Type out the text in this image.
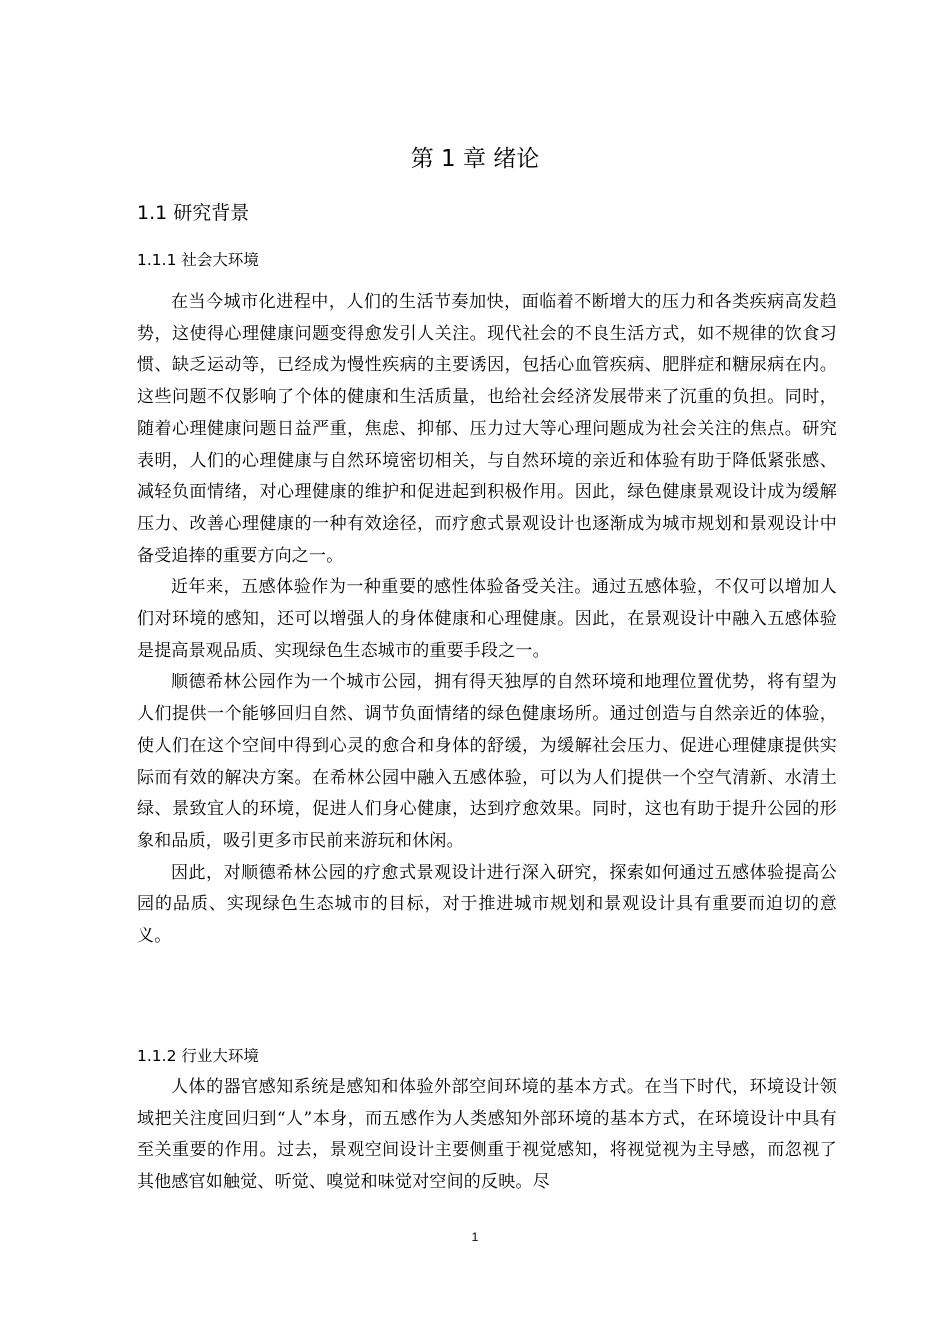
第 1 章 绪论
1.1 研究背景
1.1.1 社会大环境

在当今城市化进程中，人们的生活节奏加快，面临着不断增大的压力和各类疾病高发趋势，这使得心理健康问题变得愈发引人关注。现代社会的不良生活方式，如不规律的饮食习惯、缺乏运动等，已经成为慢性疾病的主要诱因，包括心血管疾病、肥胖症和糖尿病在内。这些问题不仅影响了个体的健康和生活质量，也给社会经济发展带来了沉重的负担。同时，随着心理健康问题日益严重，焦虑、抑郁、压力过大等心理问题成为社会关注的焦点。研究表明，人们的心理健康与自然环境密切相关，与自然环境的亲近和体验有助于降低紧张感、减轻负面情绪，对心理健康的维护和促进起到积极作用。因此，绿色健康景观设计成为缓解压力、改善心理健康的一种有效途径，而疗愈式景观设计也逐渐成为城市规划和景观设计中备受追捧的重要方向之一。

近年来，五感体验作为一种重要的感性体验备受关注。通过五感体验，不仅可以增加人们对环境的感知，还可以增强人的身体健康和心理健康。因此，在景观设计中融入五感体验是提高景观品质、实现绿色生态城市的重要手段之一。

顺德希林公园作为一个城市公园，拥有得天独厚的自然环境和地理位置优势，将有望为人们提供一个能够回归自然、调节负面情绪的绿色健康场所。通过创造与自然亲近的体验，使人们在这个空间中得到心灵的愈合和身体的舒缓，为缓解社会压力、促进心理健康提供实际而有效的解决方案。在希林公园中融入五感体验，可以为人们提供一个空气清新、水清土绿、景致宜人的环境，促进人们身心健康，达到疗愈效果。同时，这也有助于提升公园的形象和品质，吸引更多市民前来游玩和休闲。

因此，对顺德希林公园的疗愈式景观设计进行深入研究，探索如何通过五感体验提高公园的品质、实现绿色生态城市的目标，对于推进城市规划和景观设计具有重要而迫切的意义。

1.1.2 行业大环境

人体的器官感知系统是感知和体验外部空间环境的基本方式。在当下时代，环境设计领域把关注度回归到“人”本身，而五感作为人类感知外部环境的基本方式，在环境设计中具有至关重要的作用。过去，景观空间设计主要侧重于视觉感知，将视觉视为主导感，而忽视了其他感官如触觉、听觉、嗅觉和味觉对空间的反映。尽

1
